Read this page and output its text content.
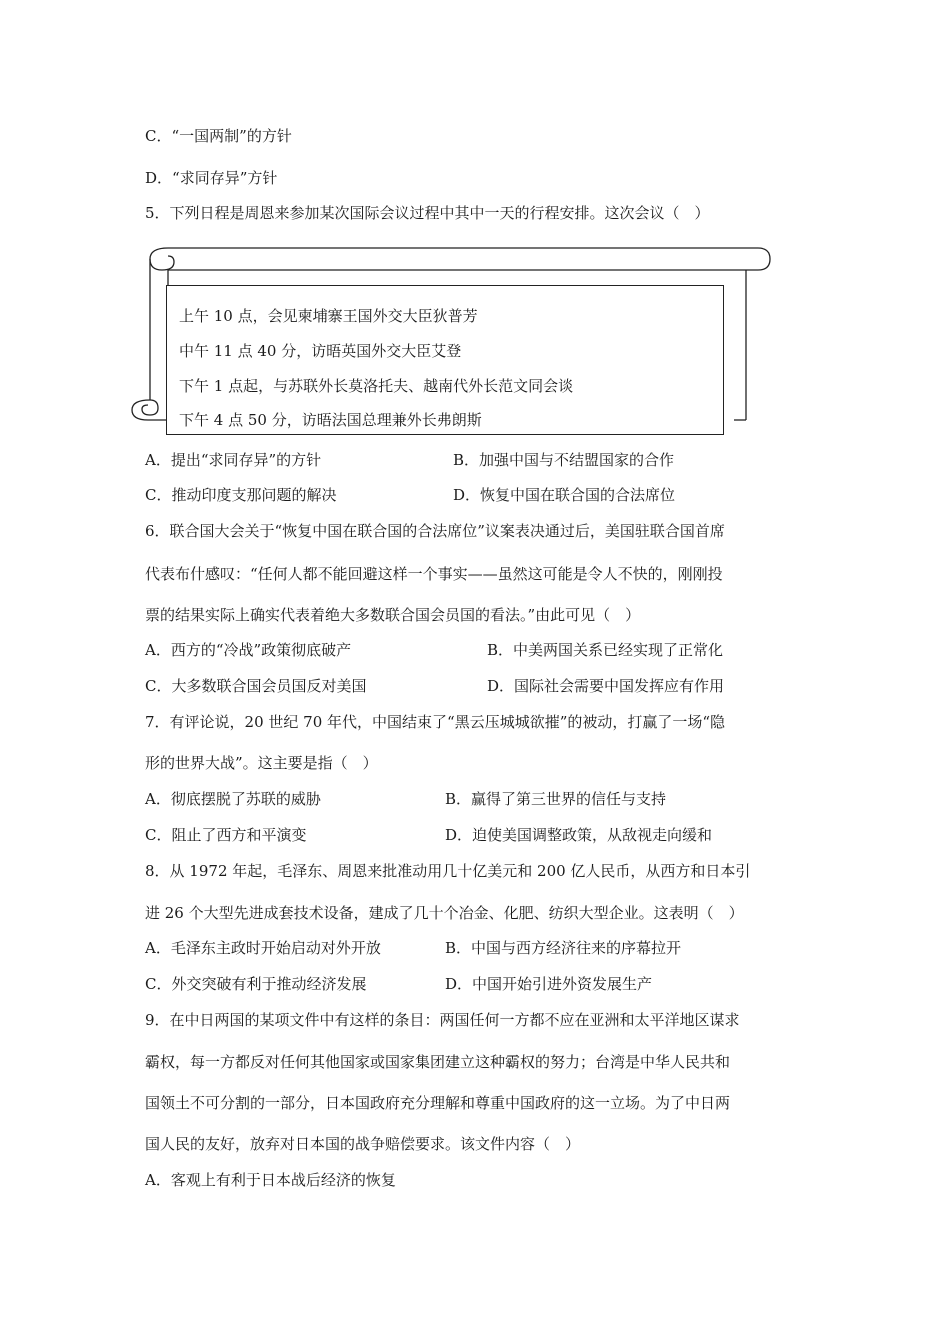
C．“一国两制”的方针
D．“求同存异”方针
5．下列日程是周恩来参加某次国际会议过程中其中一天的行程安排。这次会议（　）
上午 10 点，会见柬埔寨王国外交大臣狄普芳
中午 11 点 40 分，访晤英国外交大臣艾登
下午 1 点起，与苏联外长莫洛托夫、越南代外长范文同会谈
下午 4 点 50 分，访晤法国总理兼外长弗朗斯
A．提出“求同存异”的方针	B．加强中国与不结盟国家的合作
C．推动印度支那问题的解决	D．恢复中国在联合国的合法席位
6．联合国大会关于“恢复中国在联合国的合法席位”议案表决通过后，美国驻联合国首席
代表布什感叹：“任何人都不能回避这样一个事实——虽然这可能是令人不快的，刚刚投
票的结果实际上确实代表着绝大多数联合国会员国的看法。”由此可见（　）
A．西方的“冷战”政策彻底破产	B．中美两国关系已经实现了正常化
C．大多数联合国会员国反对美国	D．国际社会需要中国发挥应有作用
7．有评论说，20 世纪 70 年代，中国结束了“黑云压城城欲摧”的被动，打赢了一场“隐
形的世界大战”。这主要是指（　）
A．彻底摆脱了苏联的威胁	B．赢得了第三世界的信任与支持
C．阻止了西方和平演变	D．迫使美国调整政策，从敌视走向缓和
8．从 1972 年起，毛泽东、周恩来批准动用几十亿美元和 200 亿人民币，从西方和日本引
进 26 个大型先进成套技术设备，建成了几十个冶金、化肥、纺织大型企业。这表明（　）
A．毛泽东主政时开始启动对外开放	B．中国与西方经济往来的序幕拉开
C．外交突破有利于推动经济发展	D．中国开始引进外资发展生产
9．在中日两国的某项文件中有这样的条目：两国任何一方都不应在亚洲和太平洋地区谋求
霸权，每一方都反对任何其他国家或国家集团建立这种霸权的努力；台湾是中华人民共和
国领土不可分割的一部分，日本国政府充分理解和尊重中国政府的这一立场。为了中日两
国人民的友好，放弃对日本国的战争赔偿要求。该文件内容（　）
A．客观上有利于日本战后经济的恢复
